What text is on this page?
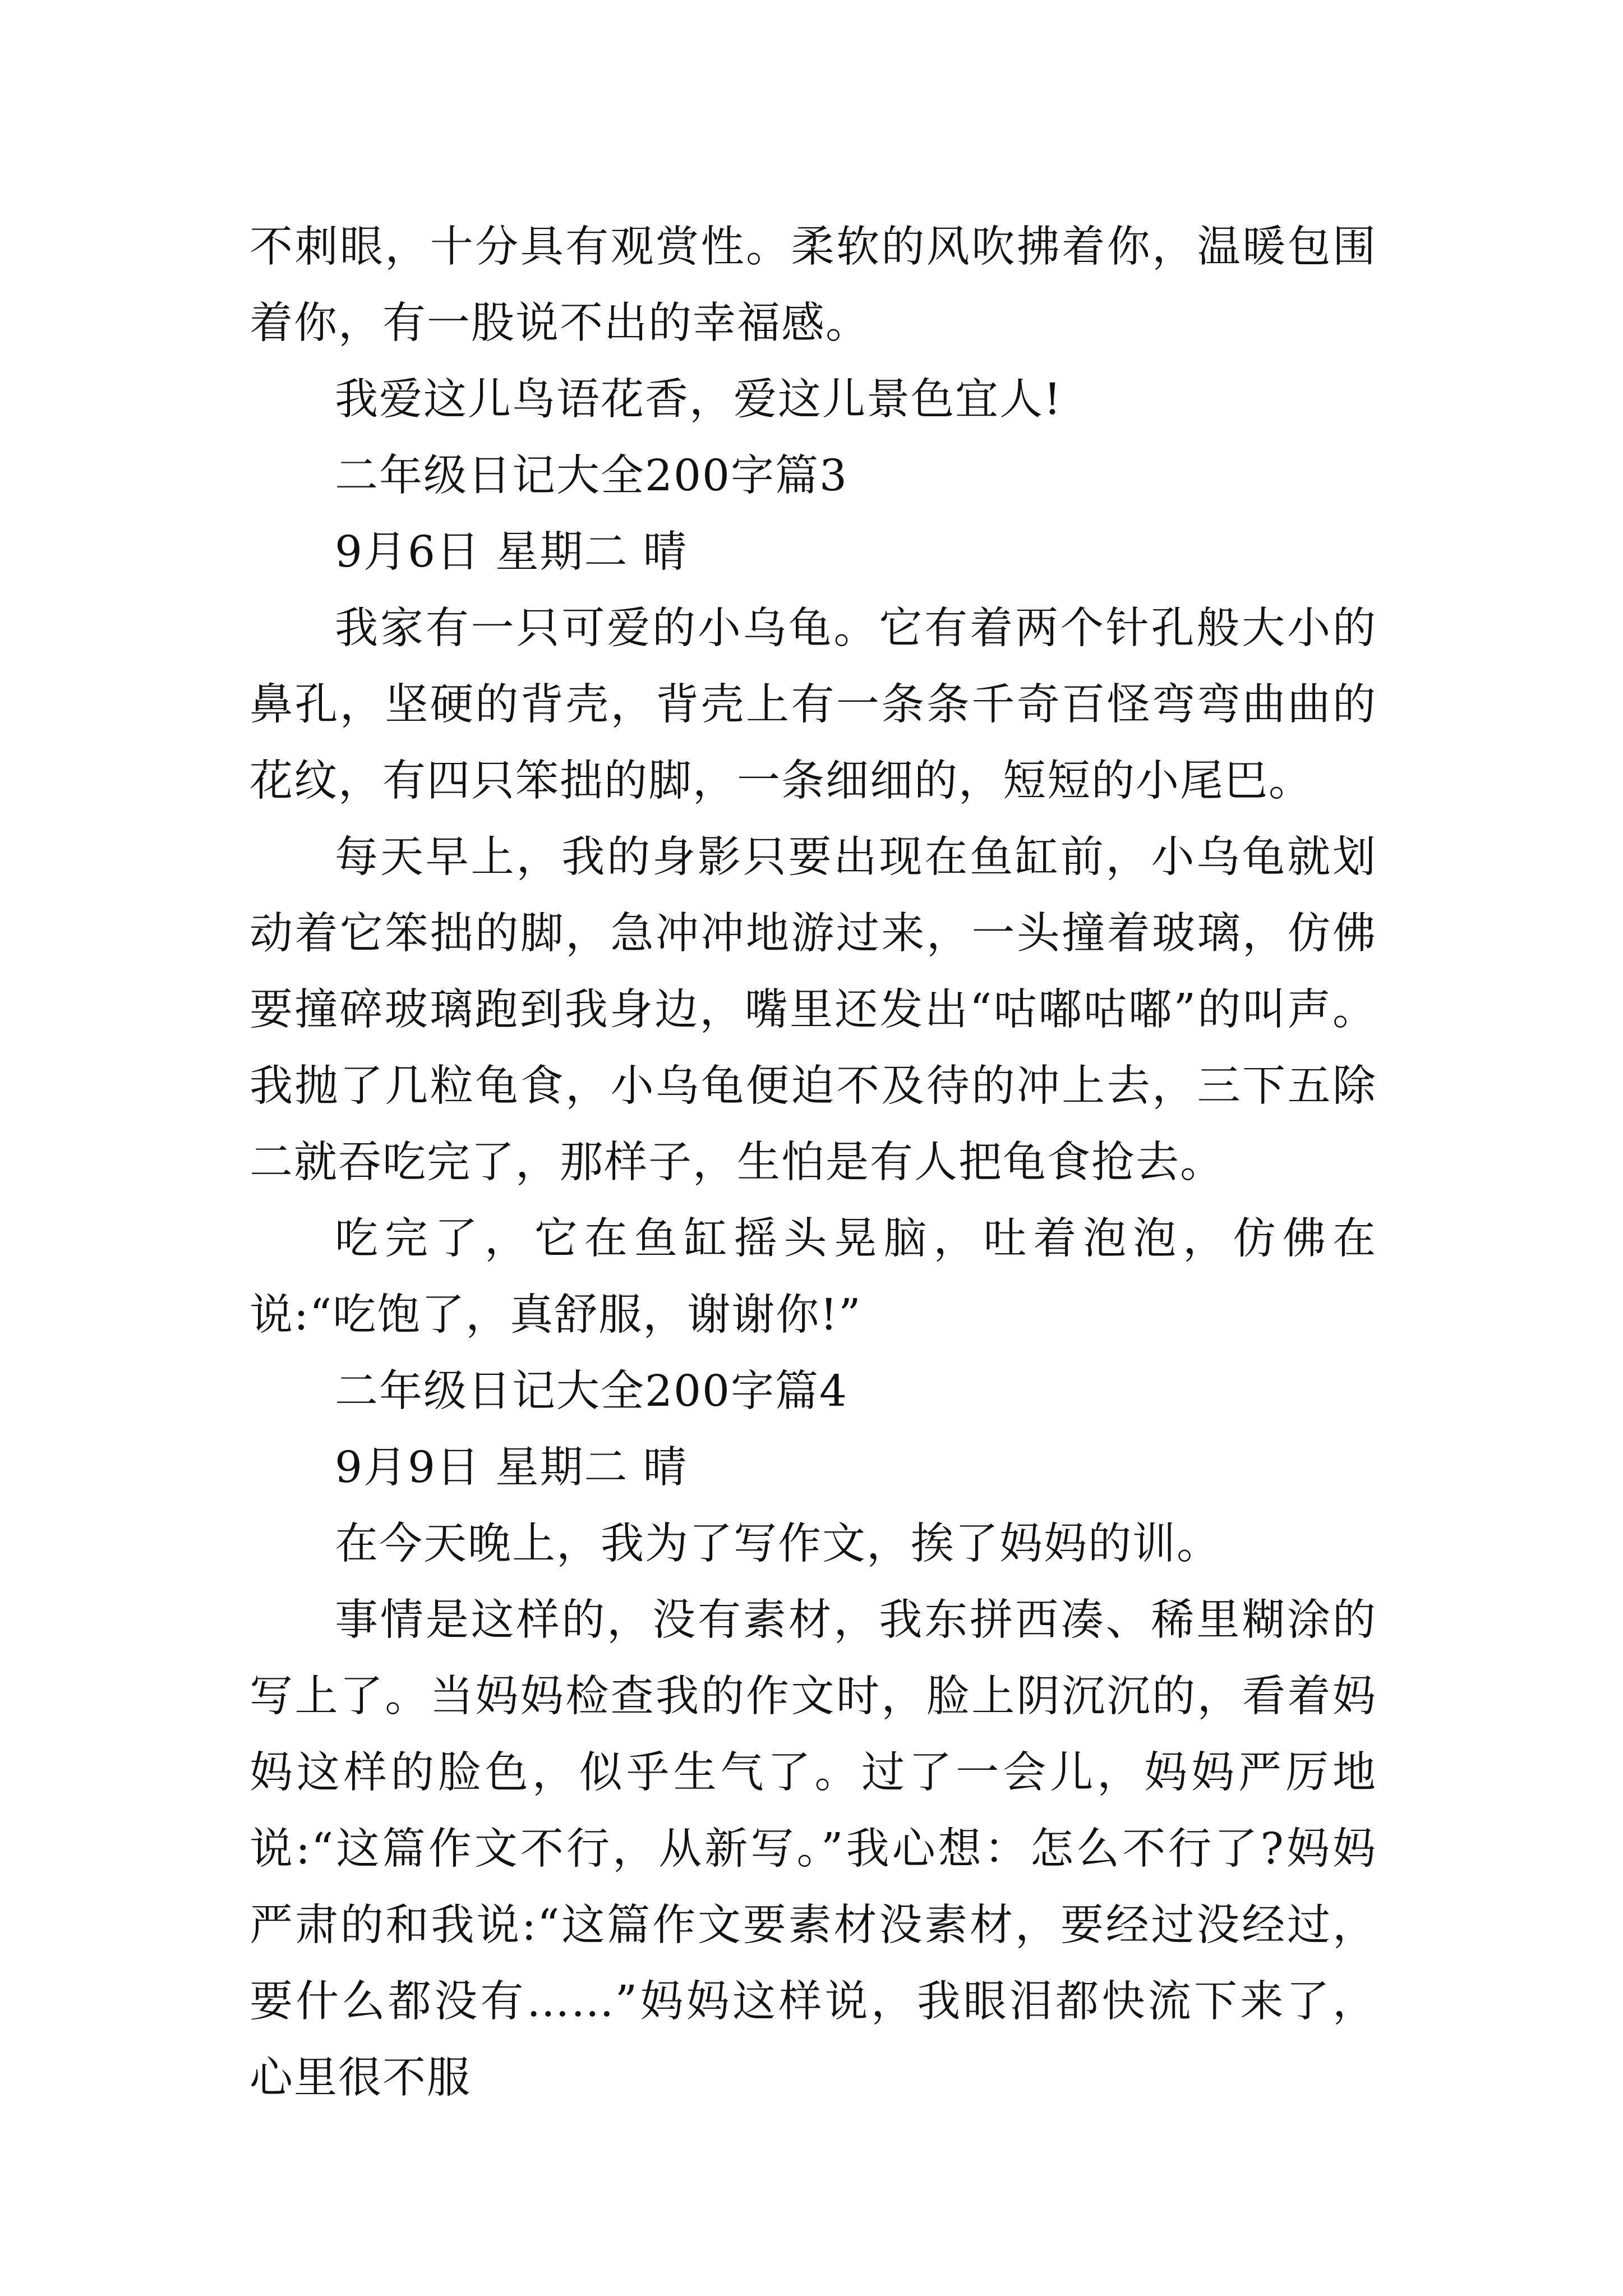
不刺眼，十分具有观赏性。柔软的风吹拂着你，温暖包围着你，有一股说不出的幸福感。

我爱这儿鸟语花香，爱这儿景色宜人!

二年级日记大全200字篇3

9月6日 星期二 晴

我家有一只可爱的小乌龟。它有着两个针孔般大小的鼻孔，坚硬的背壳，背壳上有一条条千奇百怪弯弯曲曲的花纹，有四只笨拙的脚，一条细细的，短短的小尾巴。

每天早上，我的身影只要出现在鱼缸前，小乌龟就划动着它笨拙的脚，急冲冲地游过来，一头撞着玻璃，仿佛要撞碎玻璃跑到我身边，嘴里还发出“咕嘟咕嘟”的叫声。我抛了几粒龟食，小乌龟便迫不及待的冲上去，三下五除二就吞吃完了，那样子，生怕是有人把龟食抢去。

吃完了，它在鱼缸摇头晃脑，吐着泡泡，仿佛在说:“吃饱了，真舒服，谢谢你!”

二年级日记大全200字篇4

9月9日 星期二 晴

在今天晚上，我为了写作文，挨了妈妈的训。

事情是这样的，没有素材，我东拼西凑、稀里糊涂的写上了。当妈妈检查我的作文时，脸上阴沉沉的，看着妈妈这样的脸色，似乎生气了。过了一会儿，妈妈严厉地说:“这篇作文不行，从新写。”我心想：怎么不行了?妈妈严肃的和我说:“这篇作文要素材没素材，要经过没经过，要什么都没有……”妈妈这样说，我眼泪都快流下来了，心里很不服
